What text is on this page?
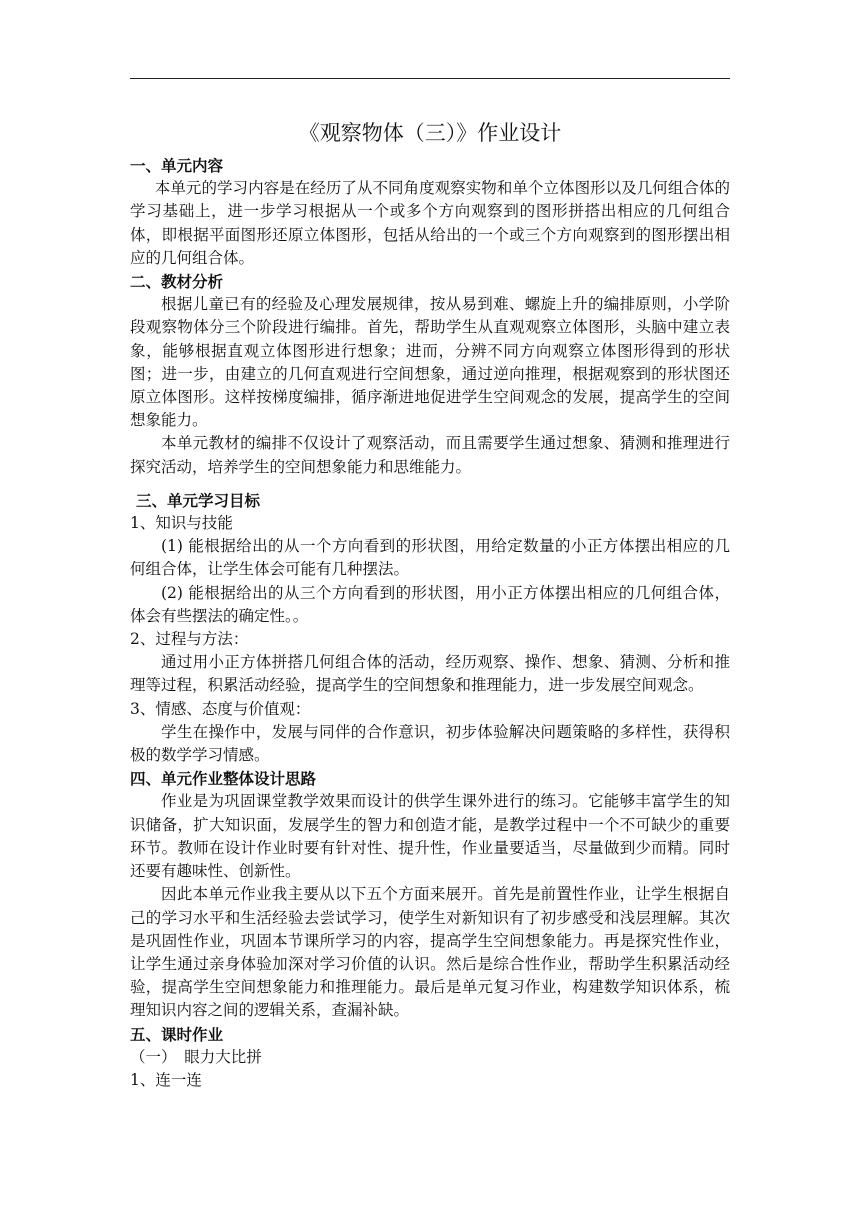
《观察物体（三）》作业设计

一、单元内容

本单元的学习内容是在经历了从不同角度观察实物和单个立体图形以及几何组合体的学习基础上，进一步学习根据从一个或多个方向观察到的图形拼搭出相应的几何组合体，即根据平面图形还原立体图形，包括从给出的一个或三个方向观察到的图形摆出相应的几何组合体。

二、教材分析

根据儿童已有的经验及心理发展规律，按从易到难、螺旋上升的编排原则，小学阶段观察物体分三个阶段进行编排。首先，帮助学生从直观观察立体图形，头脑中建立表象，能够根据直观立体图形进行想象；进而，分辨不同方向观察立体图形得到的形状图；进一步，由建立的几何直观进行空间想象，通过逆向推理，根据观察到的形状图还原立体图形。这样按梯度编排，循序渐进地促进学生空间观念的发展，提高学生的空间想象能力。

本单元教材的编排不仅设计了观察活动，而且需要学生通过想象、猜测和推理进行探究活动，培养学生的空间想象能力和思维能力。

三、单元学习目标

1、知识与技能

(1) 能根据给出的从一个方向看到的形状图，用给定数量的小正方体摆出相应的几何组合体，让学生体会可能有几种摆法。

(2) 能根据给出的从三个方向看到的形状图，用小正方体摆出相应的几何组合体，体会有些摆法的确定性。。

2、过程与方法：

通过用小正方体拼搭几何组合体的活动，经历观察、操作、想象、猜测、分析和推理等过程，积累活动经验，提高学生的空间想象和推理能力，进一步发展空间观念。

3、情感、态度与价值观：

学生在操作中，发展与同伴的合作意识，初步体验解决问题策略的多样性，获得积极的数学学习情感。

四、单元作业整体设计思路

作业是为巩固课堂教学效果而设计的供学生课外进行的练习。它能够丰富学生的知识储备，扩大知识面，发展学生的智力和创造才能，是教学过程中一个不可缺少的重要环节。教师在设计作业时要有针对性、提升性，作业量要适当，尽量做到少而精。同时还要有趣味性、创新性。

因此本单元作业我主要从以下五个方面来展开。首先是前置性作业，让学生根据自己的学习水平和生活经验去尝试学习，使学生对新知识有了初步感受和浅层理解。其次是巩固性作业，巩固本节课所学习的内容，提高学生空间想象能力。再是探究性作业，让学生通过亲身体验加深对学习价值的认识。然后是综合性作业，帮助学生积累活动经验，提高学生空间想象能力和推理能力。最后是单元复习作业，构建数学知识体系，梳理知识内容之间的逻辑关系，查漏补缺。

五、课时作业

（一）　眼力大比拼

1、连一连
